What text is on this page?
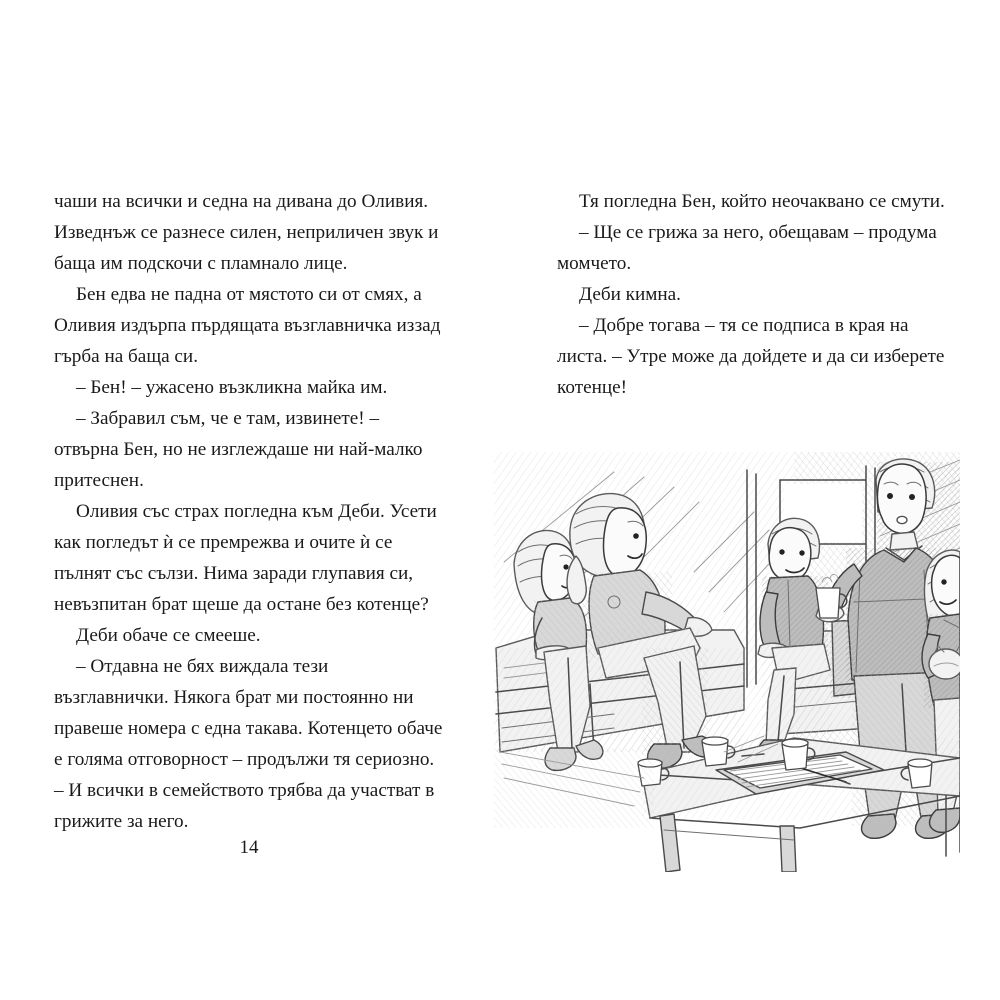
чаши на всички и седна на дивана до Оливия. Изведнъж се разнесе силен, неприличен звук и баща им подскочи с пламнало лице.

Бен едва не падна от мястото си от смях, а Оливия издърпа пърдящата възглавничка иззад гърба на баща си.

– Бен! – ужасено възкликна майка им.

– Забравил съм, че е там, извинете! – отвърна Бен, но не изглеждаше ни най-малко притеснен.

Оливия със страх погледна към Деби. Усети как погледът ѝ се премрежва и очите ѝ се пълнят със сълзи. Нима заради глупавия си, невъзпитан брат щеше да остане без котенце?

Деби обаче се смееше.

– Отдавна не бях виждала тези възглавнички. Някога брат ми постоянно ни правеше номера с една такава. Котенцето обаче е голяма отговорност – продължи тя сериозно. – И всички в семейството трябва да участват в грижите за него.

14

Тя погледна Бен, който неочаквано се смути.

– Ще се грижа за него, обещавам – продума момчето.

Деби кимна.

– Добре тогава – тя се подписа в края на листа. – Утре може да дойдете и да си изберете котенце!
